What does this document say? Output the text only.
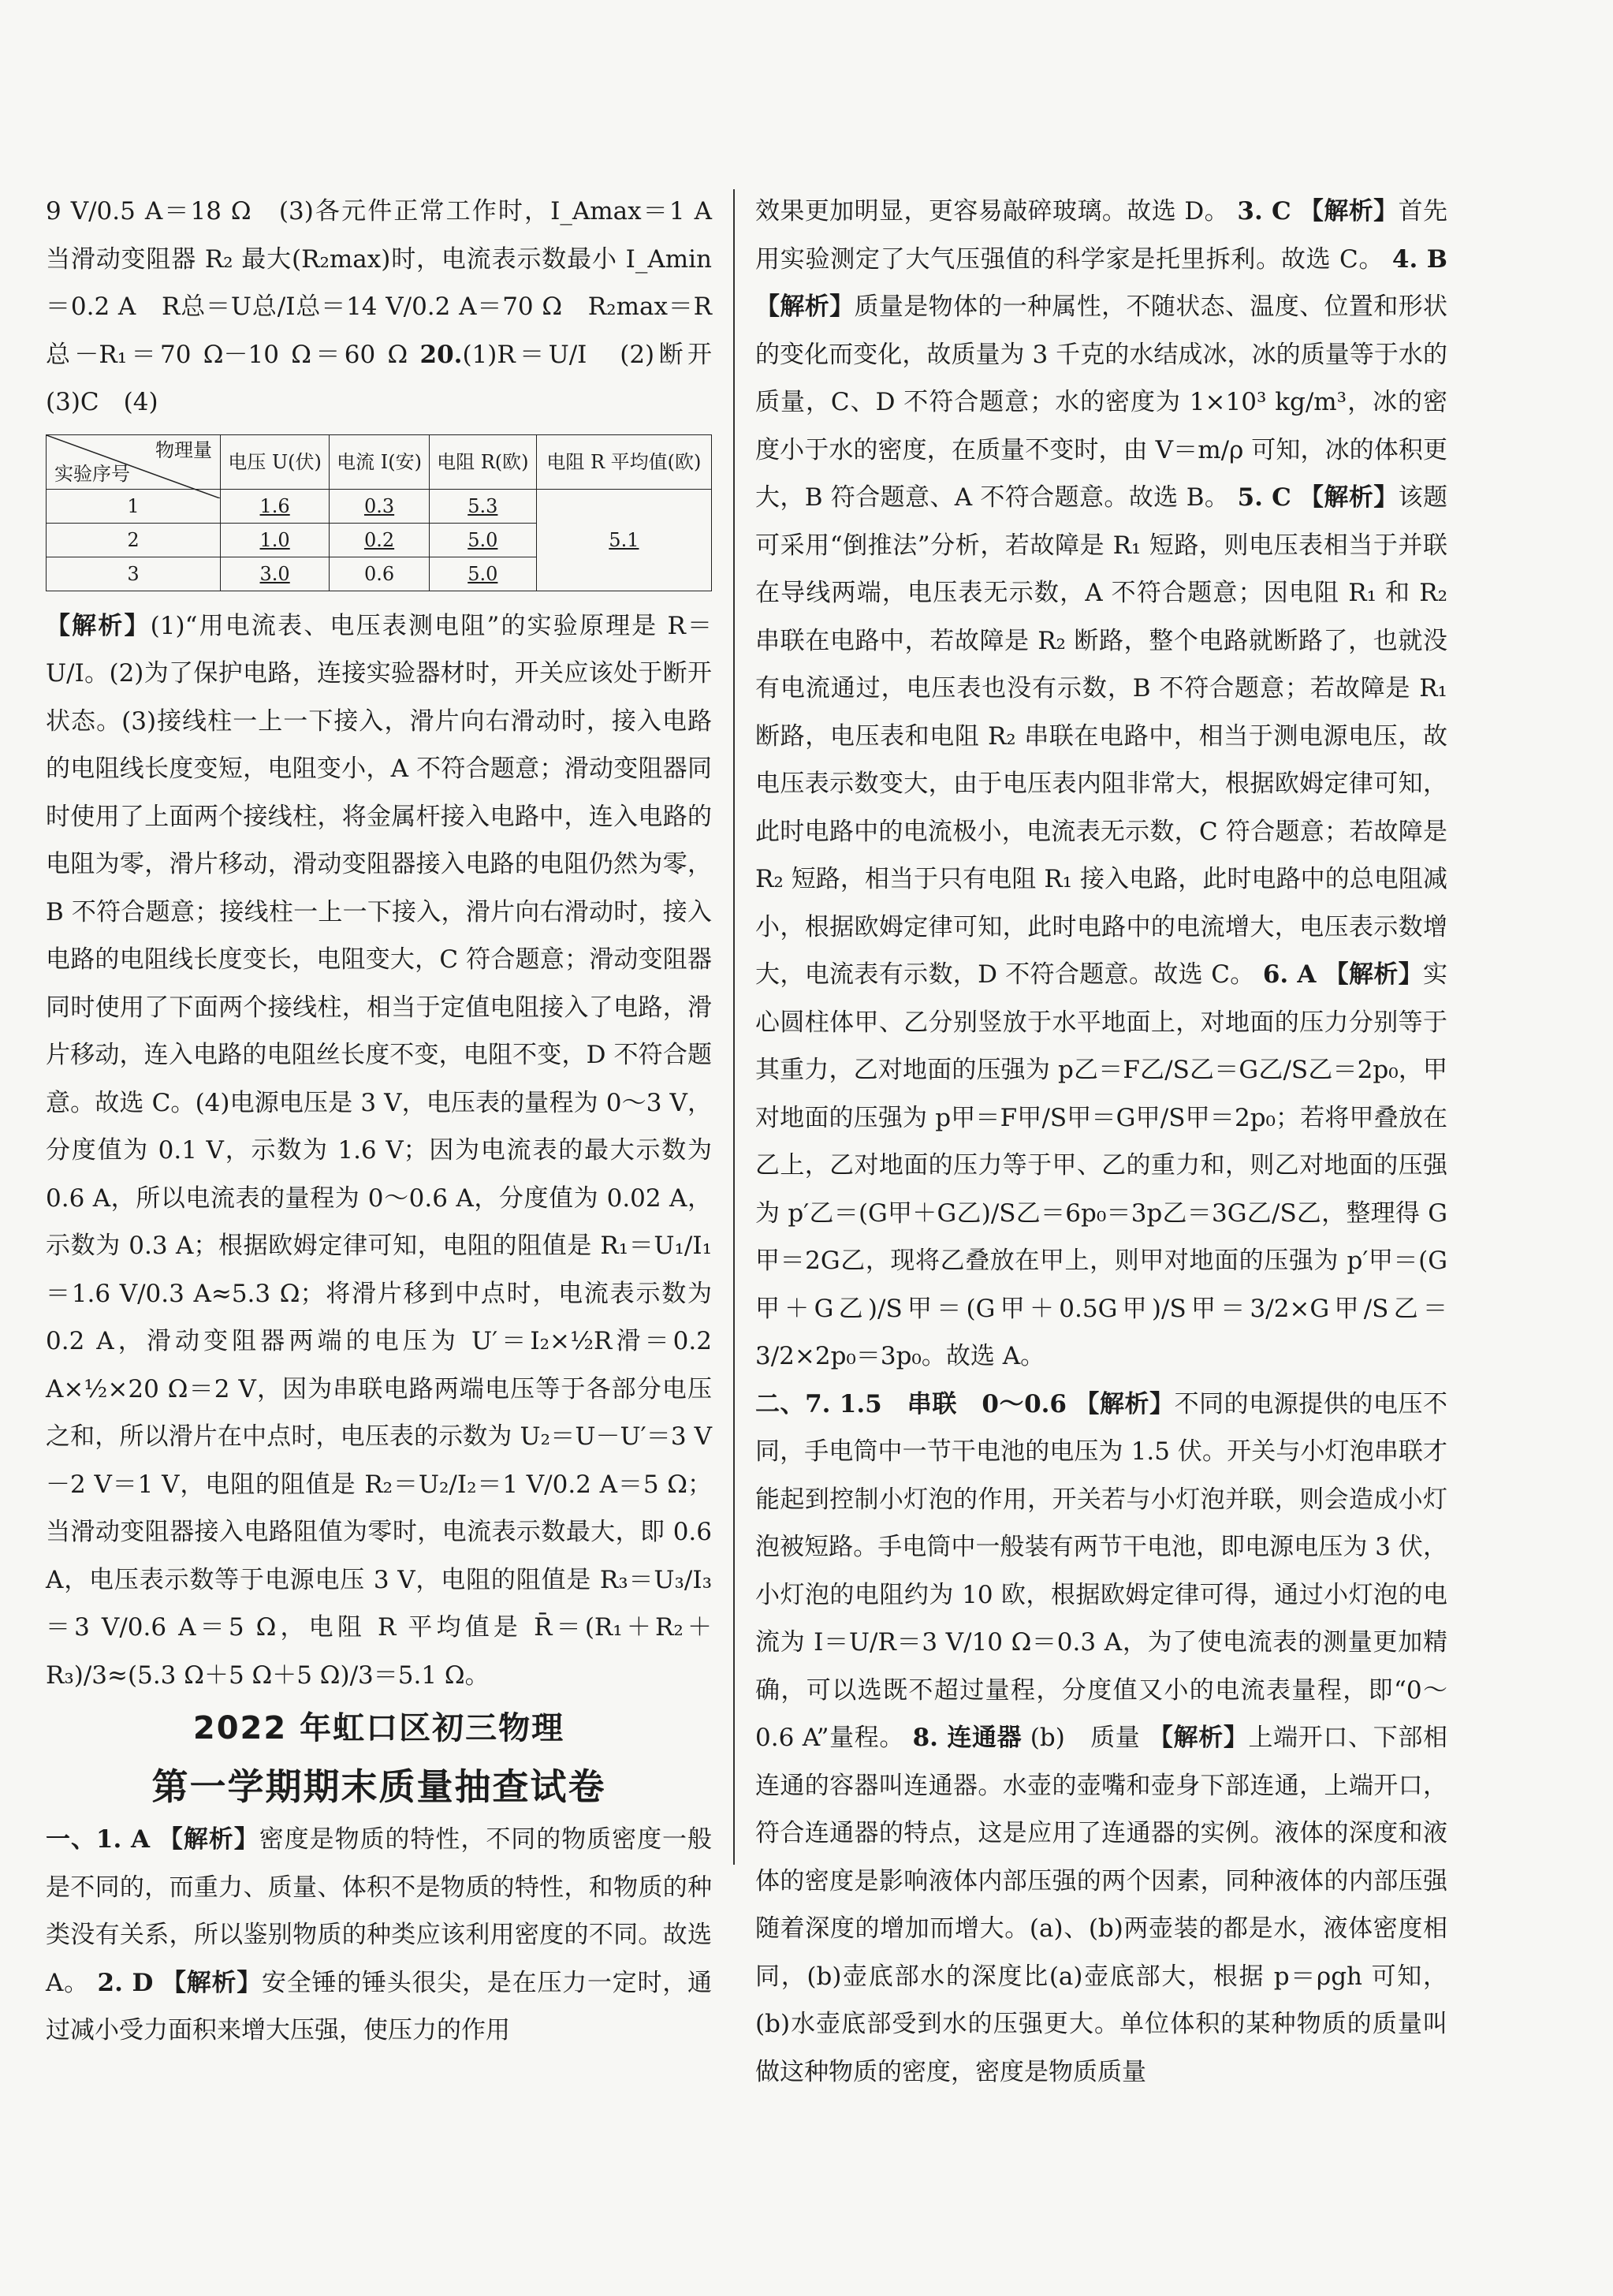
9 V/0.5 A＝18 Ω　(3)各元件正常工作时，I_Amax＝1 A　当滑动变阻器 R₂ 最大(R₂max)时，电流表示数最小 I_Amin＝0.2 A　R总＝U总/I总＝14 V/0.2 A＝70 Ω　R₂max＝R总－R₁＝70 Ω－10 Ω＝60 Ω 20.(1)R＝U/I　(2)断开　(3)C　(4)

物理量
实验序号	电压 U(伏)	电流 I(安)	电阻 R(欧)	电阻 R 平均值(欧)
1	1.6	0.3	5.3	5.1
2	1.0	0.2	5.0	
3	3.0	0.6	5.0	

【解析】(1)“用电流表、电压表测电阻”的实验原理是 R＝U/I。(2)为了保护电路，连接实验器材时，开关应该处于断开状态。(3)接线柱一上一下接入，滑片向右滑动时，接入电路的电阻线长度变短，电阻变小，A 不符合题意；滑动变阻器同时使用了上面两个接线柱，将金属杆接入电路中，连入电路的电阻为零，滑片移动，滑动变阻器接入电路的电阻仍然为零，B 不符合题意；接线柱一上一下接入，滑片向右滑动时，接入电路的电阻线长度变长，电阻变大，C 符合题意；滑动变阻器同时使用了下面两个接线柱，相当于定值电阻接入了电路，滑片移动，连入电路的电阻丝长度不变，电阻不变，D 不符合题意。故选 C。(4)电源电压是 3 V，电压表的量程为 0～3 V，分度值为 0.1 V，示数为 1.6 V；因为电流表的最大示数为 0.6 A，所以电流表的量程为 0～0.6 A，分度值为 0.02 A，示数为 0.3 A；根据欧姆定律可知，电阻的阻值是 R₁＝U₁/I₁＝1.6 V/0.3 A≈5.3 Ω；将滑片移到中点时，电流表示数为 0.2 A，滑动变阻器两端的电压为 U′＝I₂×½R滑＝0.2 A×½×20 Ω＝2 V，因为串联电路两端电压等于各部分电压之和，所以滑片在中点时，电压表的示数为 U₂＝U－U′＝3 V－2 V＝1 V，电阻的阻值是 R₂＝U₂/I₂＝1 V/0.2 A＝5 Ω；当滑动变阻器接入电路阻值为零时，电流表示数最大，即 0.6 A，电压表示数等于电源电压 3 V，电阻的阻值是 R₃＝U₃/I₃＝3 V/0.6 A＝5 Ω，电阻 R 平均值是 R̄＝(R₁＋R₂＋R₃)/3≈(5.3 Ω＋5 Ω＋5 Ω)/3＝5.1 Ω。

2022 年虹口区初三物理
第一学期期末质量抽查试卷

一、1. A 【解析】密度是物质的特性，不同的物质密度一般是不同的，而重力、质量、体积不是物质的特性，和物质的种类没有关系，所以鉴别物质的种类应该利用密度的不同。故选 A。 2. D 【解析】安全锤的锤头很尖，是在压力一定时，通过减小受力面积来增大压强，使压力的作用

效果更加明显，更容易敲碎玻璃。故选 D。 3. C 【解析】首先用实验测定了大气压强值的科学家是托里拆利。故选 C。 4. B 【解析】质量是物体的一种属性，不随状态、温度、位置和形状的变化而变化，故质量为 3 千克的水结成冰，冰的质量等于水的质量，C、D 不符合题意；水的密度为 1×10³ kg/m³，冰的密度小于水的密度，在质量不变时，由 V＝m/ρ 可知，冰的体积更大，B 符合题意、A 不符合题意。故选 B。 5. C 【解析】该题可采用“倒推法”分析，若故障是 R₁ 短路，则电压表相当于并联在导线两端，电压表无示数，A 不符合题意；因电阻 R₁ 和 R₂ 串联在电路中，若故障是 R₂ 断路，整个电路就断路了，也就没有电流通过，电压表也没有示数，B 不符合题意；若故障是 R₁ 断路，电压表和电阻 R₂ 串联在电路中，相当于测电源电压，故电压表示数变大，由于电压表内阻非常大，根据欧姆定律可知，此时电路中的电流极小，电流表无示数，C 符合题意；若故障是 R₂ 短路，相当于只有电阻 R₁ 接入电路，此时电路中的总电阻减小，根据欧姆定律可知，此时电路中的电流增大，电压表示数增大，电流表有示数，D 不符合题意。故选 C。 6. A 【解析】实心圆柱体甲、乙分别竖放于水平地面上，对地面的压力分别等于其重力，乙对地面的压强为 p乙＝F乙/S乙＝G乙/S乙＝2p₀，甲对地面的压强为 p甲＝F甲/S甲＝G甲/S甲＝2p₀；若将甲叠放在乙上，乙对地面的压力等于甲、乙的重力和，则乙对地面的压强为 p′乙＝(G甲＋G乙)/S乙＝6p₀＝3p乙＝3G乙/S乙，整理得 G甲＝2G乙，现将乙叠放在甲上，则甲对地面的压强为 p′甲＝(G甲＋G乙)/S甲＝(G甲＋0.5G甲)/S甲＝3/2×G甲/S乙＝3/2×2p₀＝3p₀。故选 A。

二、7. 1.5　串联　0～0.6 【解析】不同的电源提供的电压不同，手电筒中一节干电池的电压为 1.5 伏。开关与小灯泡串联才能起到控制小灯泡的作用，开关若与小灯泡并联，则会造成小灯泡被短路。手电筒中一般装有两节干电池，即电源电压为 3 伏，小灯泡的电阻约为 10 欧，根据欧姆定律可得，通过小灯泡的电流为 I＝U/R＝3 V/10 Ω＝0.3 A，为了使电流表的测量更加精确，可以选既不超过量程，分度值又小的电流表量程，即“0～0.6 A”量程。 8. 连通器 (b)　质量 【解析】上端开口、下部相连通的容器叫连通器。水壶的壶嘴和壶身下部连通，上端开口，符合连通器的特点，这是应用了连通器的实例。液体的深度和液体的密度是影响液体内部压强的两个因素，同种液体的内部压强随着深度的增加而增大。(a)、(b)两壶装的都是水，液体密度相同，(b)壶底部水的深度比(a)壶底部大，根据 p＝ρgh 可知，(b)水壶底部受到水的压强更大。单位体积的某种物质的质量叫做这种物质的密度，密度是物质质量
